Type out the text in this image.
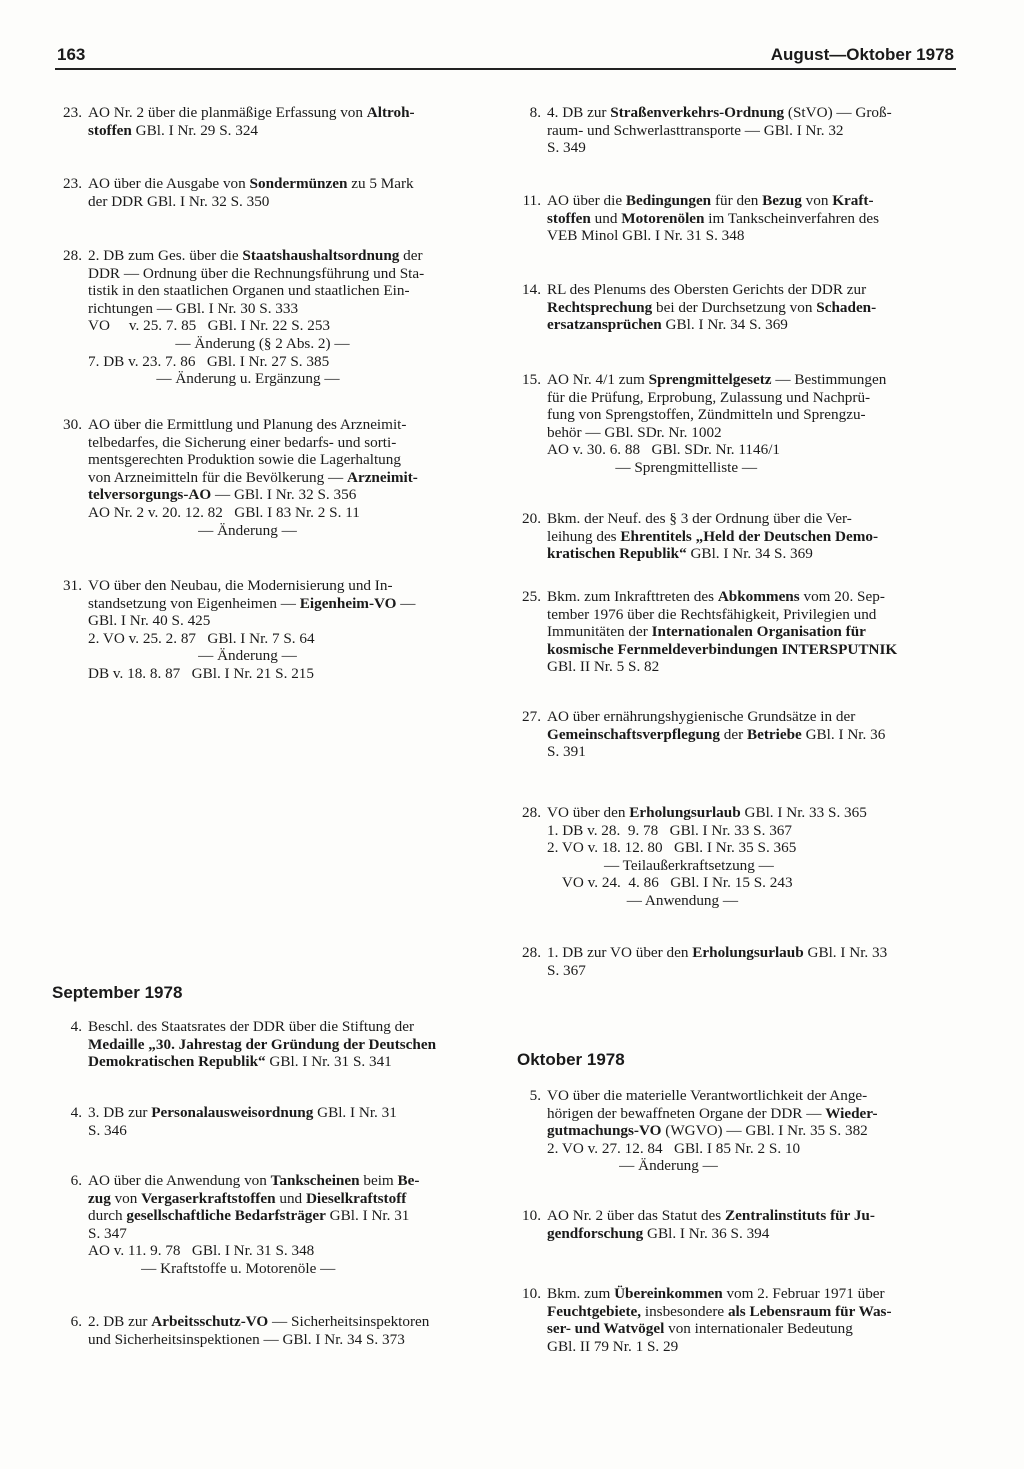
163	August—Oktober 1978
23. AO Nr. 2 über die planmäßige Erfassung von Altroh-
stoffen GBl. I Nr. 29 S. 324
23. AO über die Ausgabe von Sondermünzen zu 5 Mark
der DDR GBl. I Nr. 32 S. 350
28. 2. DB zum Ges. über die Staatshaushaltsordnung der
DDR — Ordnung über die Rechnungsführung und Sta-
tistik in den staatlichen Organen und staatlichen Ein-
richtungen — GBl. I Nr. 30 S. 333
VO     v. 25. 7. 85   GBl. I Nr. 22 S. 253
— Änderung (§ 2 Abs. 2) —
7. DB v. 23. 7. 86   GBl. I Nr. 27 S. 385
— Änderung u. Ergänzung —
30. AO über die Ermittlung und Planung des Arzneimit-
telbedarfes, die Sicherung einer bedarfs- und sorti-
mentsgerechten Produktion sowie die Lagerhaltung
von Arzneimitteln für die Bevölkerung — Arzneimit-
telversorgungs-AO — GBl. I Nr. 32 S. 356
AO Nr. 2 v. 20. 12. 82   GBl. I 83 Nr. 2 S. 11
— Änderung —
31. VO über den Neubau, die Modernisierung und In-
standsetzung von Eigenheimen — Eigenheim-VO —
GBl. I Nr. 40 S. 425
2. VO v. 25. 2. 87   GBl. I Nr. 7 S. 64
— Änderung —
DB v. 18. 8. 87   GBl. I Nr. 21 S. 215
September 1978
4. Beschl. des Staatsrates der DDR über die Stiftung der
Medaille „30. Jahrestag der Gründung der Deutschen
Demokratischen Republik“ GBl. I Nr. 31 S. 341
4. 3. DB zur Personalausweisordnung GBl. I Nr. 31
S. 346
6. AO über die Anwendung von Tankscheinen beim Be-
zug von Vergaserkraftstoffen und Dieselkraftstoff
durch gesellschaftliche Bedarfsträger GBl. I Nr. 31
S. 347
AO v. 11. 9. 78   GBl. I Nr. 31 S. 348
— Kraftstoffe u. Motorenöle —
6. 2. DB zur Arbeitsschutz-VO — Sicherheitsinspektoren
und Sicherheitsinspektionen — GBl. I Nr. 34 S. 373
8. 4. DB zur Straßenverkehrs-Ordnung (StVO) — Groß-
raum- und Schwerlasttransporte — GBl. I Nr. 32
S. 349
11. AO über die Bedingungen für den Bezug von Kraft-
stoffen und Motorenölen im Tankscheinverfahren des
VEB Minol GBl. I Nr. 31 S. 348
14. RL des Plenums des Obersten Gerichts der DDR zur
Rechtsprechung bei der Durchsetzung von Schaden-
ersatzansprüchen GBl. I Nr. 34 S. 369
15. AO Nr. 4/1 zum Sprengmittelgesetz — Bestimmungen
für die Prüfung, Erprobung, Zulassung und Nachprü-
fung von Sprengstoffen, Zündmitteln und Sprengzu-
behör — GBl. SDr. Nr. 1002
AO v. 30. 6. 88   GBl. SDr. Nr. 1146/1
— Sprengmittelliste —
20. Bkm. der Neuf. des § 3 der Ordnung über die Ver-
leihung des Ehrentitels „Held der Deutschen Demo-
kratischen Republik“ GBl. I Nr. 34 S. 369
25. Bkm. zum Inkrafttreten des Abkommens vom 20. Sep-
tember 1976 über die Rechtsfähigkeit, Privilegien und
Immunitäten der Internationalen Organisation für
kosmische Fernmeldeverbindungen INTERSPUTNIK
GBl. II Nr. 5 S. 82
27. AO über ernährungshygienische Grundsätze in der
Gemeinschaftsverpflegung der Betriebe GBl. I Nr. 36
S. 391
28. VO über den Erholungsurlaub GBl. I Nr. 33 S. 365
1. DB v. 28.  9. 78   GBl. I Nr. 33 S. 367
2. VO v. 18. 12. 80   GBl. I Nr. 35 S. 365
— Teilaußerkraftsetzung —
VO v. 24.  4. 86   GBl. I Nr. 15 S. 243
— Anwendung —
28. 1. DB zur VO über den Erholungsurlaub GBl. I Nr. 33
S. 367
Oktober 1978
5. VO über die materielle Verantwortlichkeit der Ange-
hörigen der bewaffneten Organe der DDR — Wieder-
gutmachungs-VO (WGVO) — GBl. I Nr. 35 S. 382
2. VO v. 27. 12. 84   GBl. I 85 Nr. 2 S. 10
— Änderung —
10. AO Nr. 2 über das Statut des Zentralinstituts für Ju-
gendforschung GBl. I Nr. 36 S. 394
10. Bkm. zum Übereinkommen vom 2. Februar 1971 über
Feuchtgebiete, insbesondere als Lebensraum für Was-
ser- und Watvögel von internationaler Bedeutung
GBl. II 79 Nr. 1 S. 29
